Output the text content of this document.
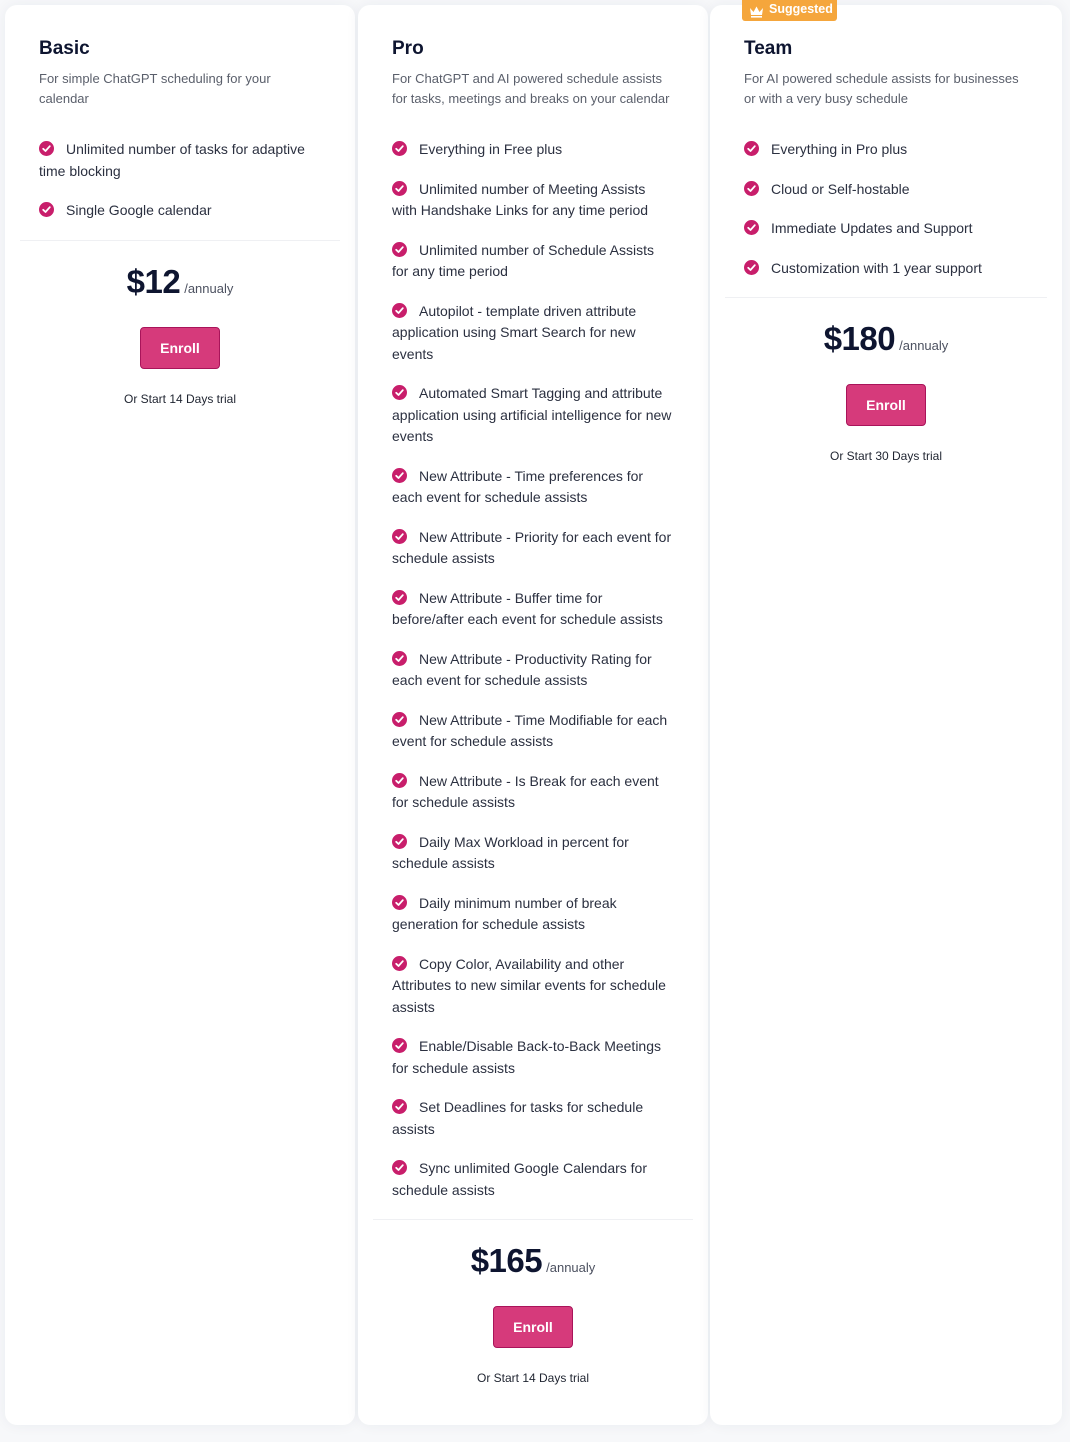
Suggested
Basic
For simple ChatGPT scheduling for your calendar
Unlimited number of tasks for adaptive time blocking
Single Google calendar
$12 /annualy
Enroll
Or Start 14 Days trial
Pro
For ChatGPT and AI powered schedule assists for tasks, meetings and breaks on your calendar
Everything in Free plus
Unlimited number of Meeting Assists with Handshake Links for any time period
Unlimited number of Schedule Assists for any time period
Autopilot - template driven attribute application using Smart Search for new events
Automated Smart Tagging and attribute application using artificial intelligence for new events
New Attribute - Time preferences for each event for schedule assists
New Attribute - Priority for each event for schedule assists
New Attribute - Buffer time for before/after each event for schedule assists
New Attribute - Productivity Rating for each event for schedule assists
New Attribute - Time Modifiable for each event for schedule assists
New Attribute - Is Break for each event for schedule assists
Daily Max Workload in percent for schedule assists
Daily minimum number of break generation for schedule assists
Copy Color, Availability and other Attributes to new similar events for schedule assists
Enable/Disable Back-to-Back Meetings for schedule assists
Set Deadlines for tasks for schedule assists
Sync unlimited Google Calendars for schedule assists
$165 /annualy
Enroll
Or Start 14 Days trial
Team
For AI powered schedule assists for businesses or with a very busy schedule
Everything in Pro plus
Cloud or Self-hostable
Immediate Updates and Support
Customization with 1 year support
$180 /annualy
Enroll
Or Start 30 Days trial
